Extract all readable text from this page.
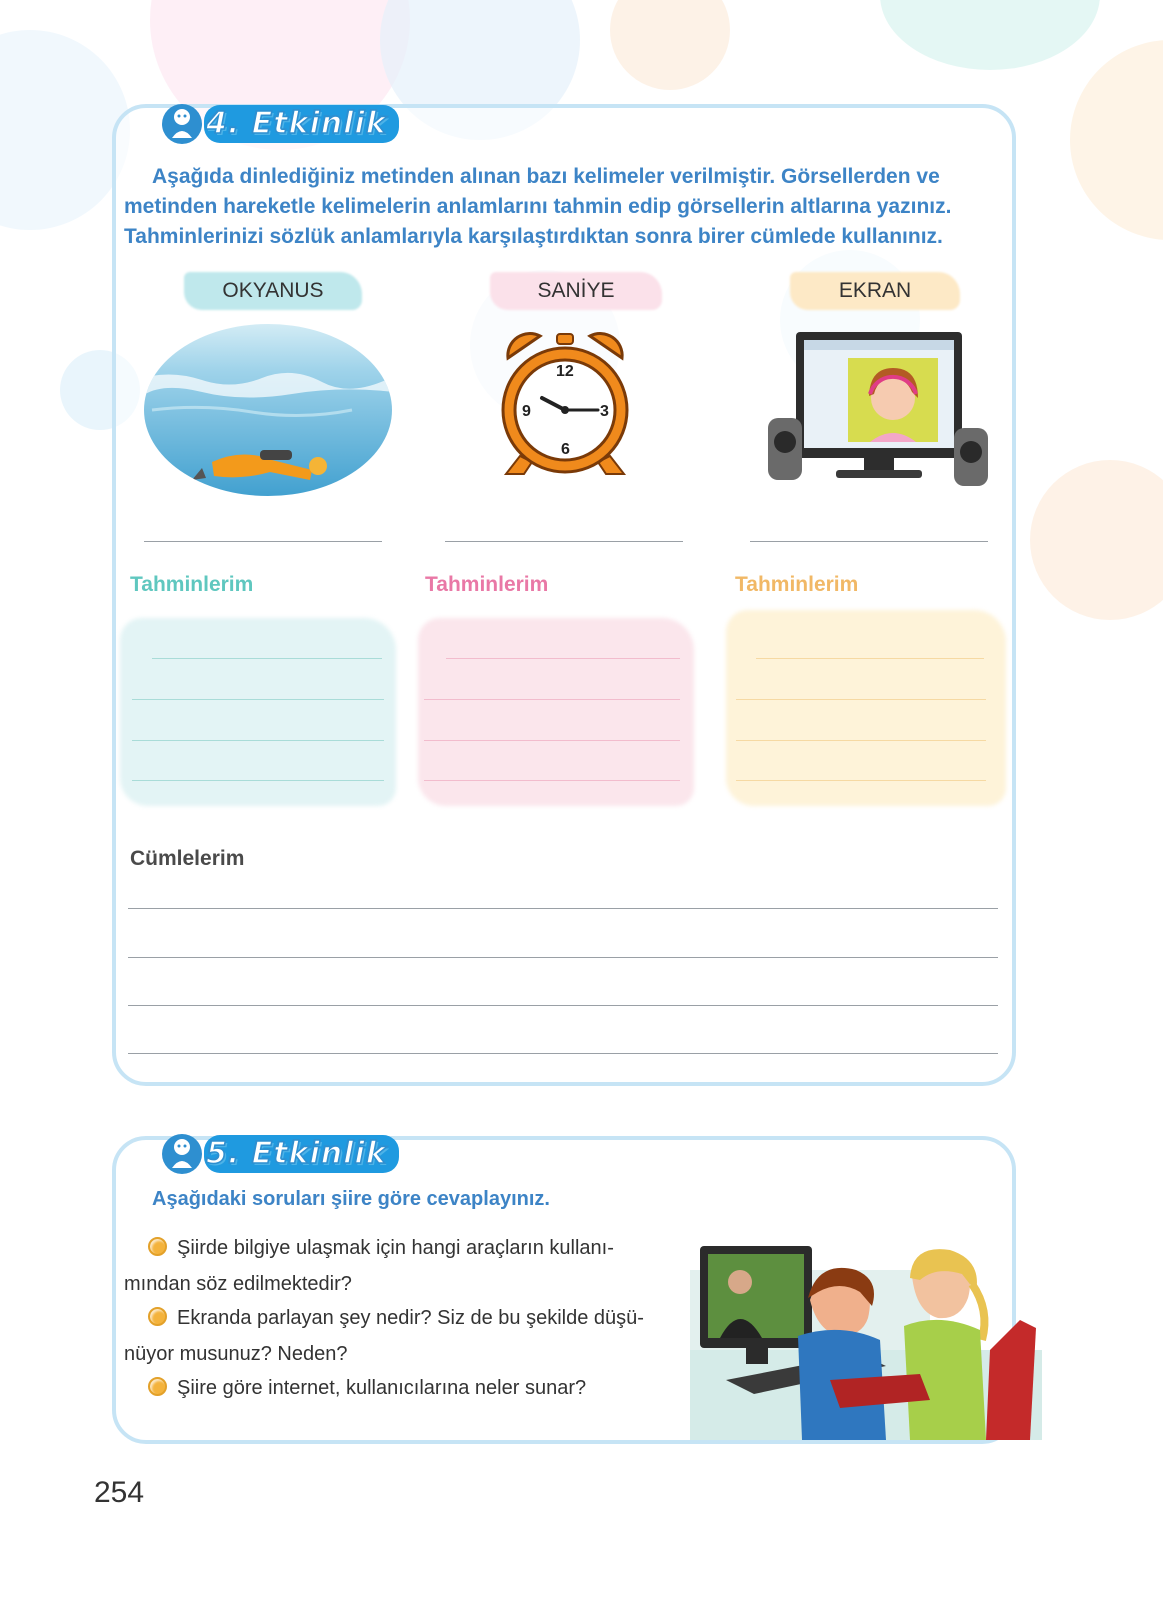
4. Etkinlik
Aşağıda dinlediğiniz metinden alınan bazı kelimeler verilmiştir. Görsellerden ve
metinden hareketle kelimelerin anlamlarını tahmin edip görsellerin altlarına yazınız.
Tahminlerinizi sözlük anlamlarıyla karşılaştırdıktan sonra birer cümlede kullanınız.
OKYANUS	SANİYE	EKRAN
12
9	3
6
Tahminlerim	Tahminlerim	Tahminlerim
Cümlelerim
5. Etkinlik
Aşağıdaki soruları şiire göre cevaplayınız.
Şiirde bilgiye ulaşmak için hangi araçların kullanı-
mından söz edilmektedir?
Ekranda parlayan şey nedir? Siz de bu şekilde düşü-
nüyor musunuz? Neden?
Şiire göre internet, kullanıcılarına neler sunar?
254
